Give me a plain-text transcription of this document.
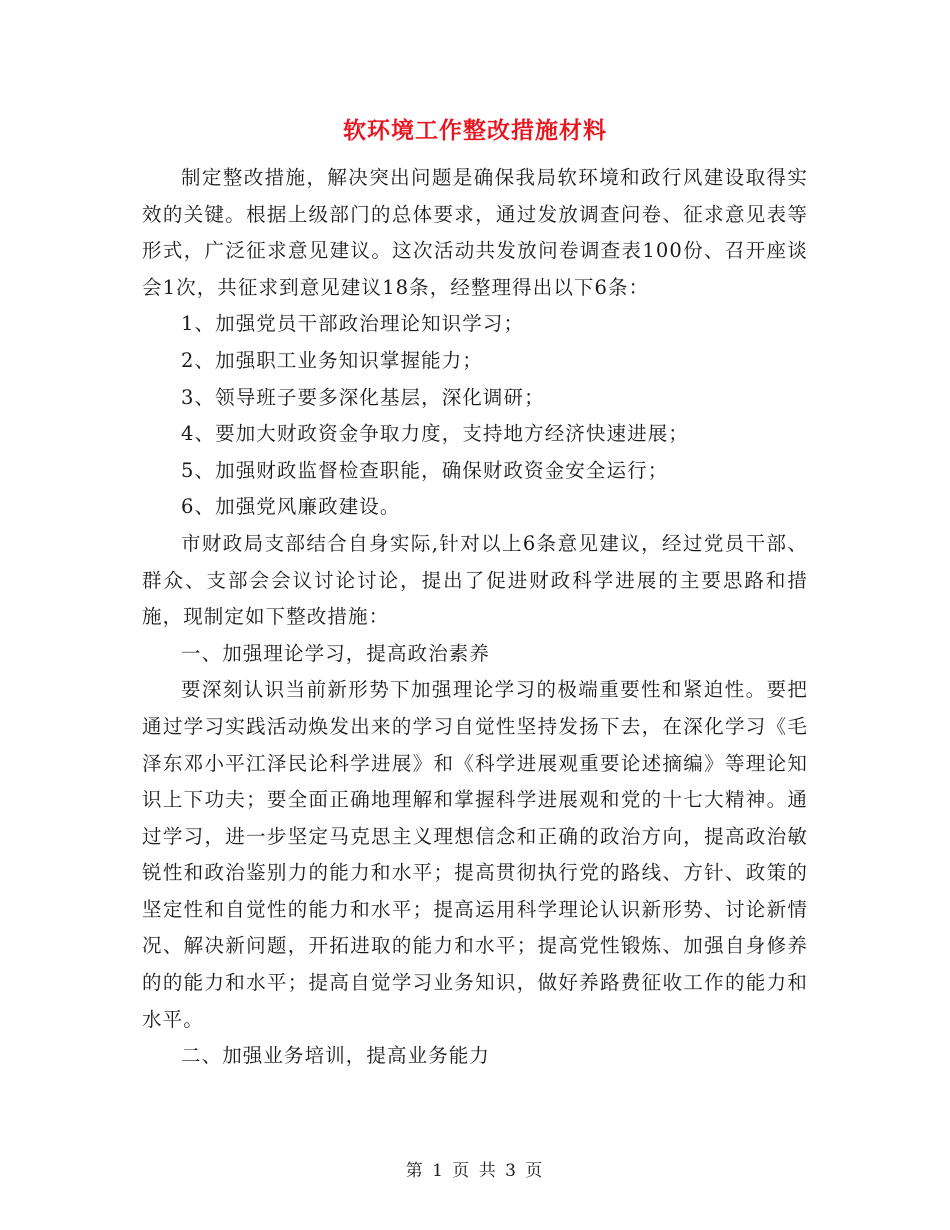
软环境工作整改措施材料

制定整改措施，解决突出问题是确保我局软环境和政行风建设取得实效的关键。根据上级部门的总体要求，通过发放调查问卷、征求意见表等形式，广泛征求意见建议。这次活动共发放问卷调查表100份、召开座谈会1次，共征求到意见建议18条，经整理得出以下6条：

1、加强党员干部政治理论知识学习；

2、加强职工业务知识掌握能力；

3、领导班子要多深化基层，深化调研；

4、要加大财政资金争取力度，支持地方经济快速进展；

5、加强财政监督检查职能，确保财政资金安全运行；

6、加强党风廉政建设。

市财政局支部结合自身实际,针对以上6条意见建议，经过党员干部、群众、支部会会议讨论讨论，提出了促进财政科学进展的主要思路和措施，现制定如下整改措施：

一、加强理论学习，提高政治素养

要深刻认识当前新形势下加强理论学习的极端重要性和紧迫性。要把通过学习实践活动焕发出来的学习自觉性坚持发扬下去，在深化学习《毛泽东邓小平江泽民论科学进展》和《科学进展观重要论述摘编》等理论知识上下功夫；要全面正确地理解和掌握科学进展观和党的十七大精神。通过学习，进一步坚定马克思主义理想信念和正确的政治方向，提高政治敏锐性和政治鉴别力的能力和水平；提高贯彻执行党的路线、方针、政策的坚定性和自觉性的能力和水平；提高运用科学理论认识新形势、讨论新情况、解决新问题，开拓进取的能力和水平；提高党性锻炼、加强自身修养的的能力和水平；提高自觉学习业务知识，做好养路费征收工作的能力和水平。

二、加强业务培训，提高业务能力

第 1 页 共 3 页
